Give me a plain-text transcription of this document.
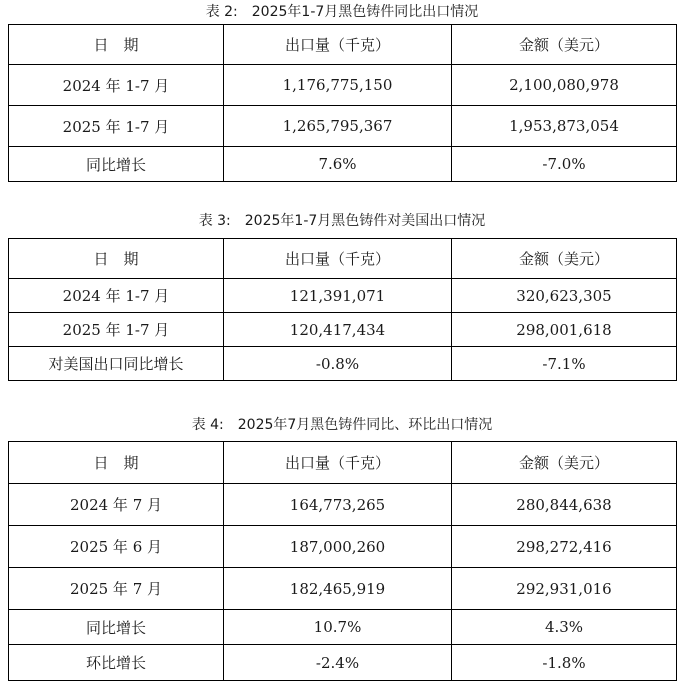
表 2:　2025年1-7月黑色铸件同比出口情况
日　期	出口量（千克）	金额（美元）
2024 年 1-7 月	1,176,775,150	2,100,080,978
2025 年 1-7 月	1,265,795,367	1,953,873,054
同比增长	7.6%	-7.0%
表 3:　2025年1-7月黑色铸件对美国出口情况
日　期	出口量（千克）	金额（美元）
2024 年 1-7 月	121,391,071	320,623,305
2025 年 1-7 月	120,417,434	298,001,618
对美国出口同比增长	-0.8%	-7.1%
表 4:　2025年7月黑色铸件同比、环比出口情况
日　期	出口量（千克）	金额（美元）
2024 年 7 月	164,773,265	280,844,638
2025 年 6 月	187,000,260	298,272,416
2025 年 7 月	182,465,919	292,931,016
同比增长	10.7%	4.3%
环比增长	-2.4%	-1.8%
